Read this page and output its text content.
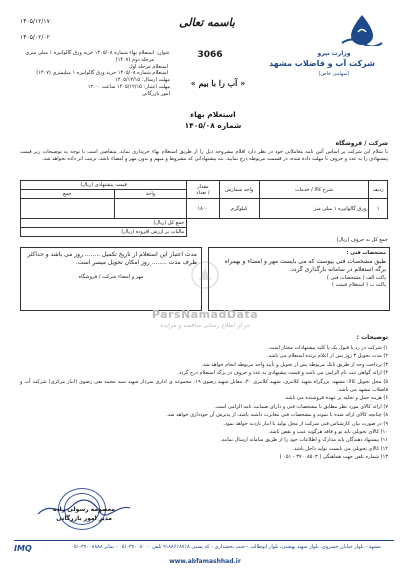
باسمه تعالی
۱۴۰۵/۱۲/۱۷
۱۴۰۵/۰۲/۰۲
وزارت نیرو
شرکت آب و فاضلاب مشهد
(سهامی خاص)
عنوان:
استعلام بهاء شماره ۱۴۰۵/۰۸ خرید ورق گالوانیزه ۱ میلی متری مرحله دوم (۱۴۰۷)
استعلام مرحله اول
استعلام شماره ۱۴۰۵/۰۸ خرید ورق گالوانیزه ۱ میلیمتری (۱۴۰۷)
مهلت ارسال:
۱۴۰۵/۱۲/۱۵
مهلت اعتبار:
۱۴۰۵/۱۲/۱۵ ساعت ۱۲:۰۰
امور بازرگانی
3066
« آب را با بیم »
استعلام بهاء
شماره ۱۴۰۵/۰۸
شرکت / فروشگاه
با سلام این شرکت بر اساس آئین نامه معاملاتی خود در نظر دارد اقلام مشروحه ذیل را از طریق استعلام بهاء خریداری نماید. متقاضی است با توجه به توضیحات زیر قیمت پیشنهادی را به عدد و حروف تا مهلت داده شده، در قسمت مربوطه درج نمایید. بنه پیشنهاداتی که مشروط و مبهم و بدون مهر و امضاء باشد، ترتیب اثر داده نخواهد شد.
ردیف	شرح کالا / خدمات	واحد شمارش	مقدار
/ تعداد	قیمت پیشنهادی (ریال)	
				واحد	جمع
۱	ورق گالوانیزه ۱ میلی متر	کیلوگرم	۱۸۰۰		
				جمع کل (ریال)	
				مالیات بر ارزش افزوده (ریال)	
جمع کل به حروف (ریال)
مشخصات فنی :
طبق مشخصات فنی پیوست که می بایست مهر و امضاء و بهمراه برگه استعلام در سامانه بارگذاری گردد.
پاکت الف ( مشخصات فنی )
پاکت ب ( استعلام قیمت )
مدت اعتبار این استعلام از تاریخ تکمیل ........ روز می باشد و حداکثر ظرف مدت ........ روز امکان تحویل میسر است.
مهر و امضاء شرکت / فروشگاه
ParsNamadData
مرکز اطلاع رسانی مناقصه و مزایده
توضیحات :
۱) شرکت در رد یا قبول یک یا کلیه پیشنهادات مختار است.
۲) مدت تحویل ۳ روز پس از اعلام برنده استعلام می باشد.
۳) پرداخت وجه از طریق بانک مربوطه پس از تحویل و تأیید واحد مربوطه انجام خواهد شد.
۴) ارائه گواهی ثبت نام الزامی می باشد و قیمت پیشنهادی به عدد و حروف در برگه استعلام درج گردد.
۵) محل تحویل کالا: مشهد، بزرگراه شهید کلانتری، شهید کلانتری ۳۰، مقابل شهید رضوی ۱۹، مجموعه ی اداری سردار شهید سید محمد تقی رضوی (انبار مرکزی) شرکت آب و فاضلاب مشهد می باشد.
۶) هزینه حمل و تخلیه بر عهده فروشنده می باشد.
۷) ارائه کالای مورد نظر مطابق با مشخصات فنی و دارای ضمانت نامه الزامی است.
۸) چنانچه کالای ارائه شده با نمونه و مشخصات فنی مغایرت داشته باشد، از پذیرش آن خودداری خواهد شد.
۹) در صورت نیاز، کارشناس فنی شرکت از محل تولید یا انبار بازدید خواهد نمود.
۱۰) کالای تحویلی باید نو و فاقد هرگونه عیب و نقص باشد.
۱۱) پیشنهاد دهندگان باید مدارک و اطلاعات خود را از طریق سامانه ارسال نمایند.
۱۲) کالای تحویلی می بایست تولید داخل باشد.
۱۳) شماره تلفن جهت هماهنگی ( ۳۷۰۰۸۵۰۳ - ۰۵۱ )
معصومه رسولی زاده
مدیر امور بازرگانی
IMQ	مشهد - بلوار خیابان خسروی، بلوار شهید بهشتی، بلوار ابوطالب - جنب بخشداری - کد پستی ۹۱۸۸۶۱۸۷۱۸ تلفن ۳۷۰۰۸۰۰۰-۰۵۱ - نمابر ۳۷۰۰۸۸۸۸-۰۵۱
www.abfamashhad.ir
